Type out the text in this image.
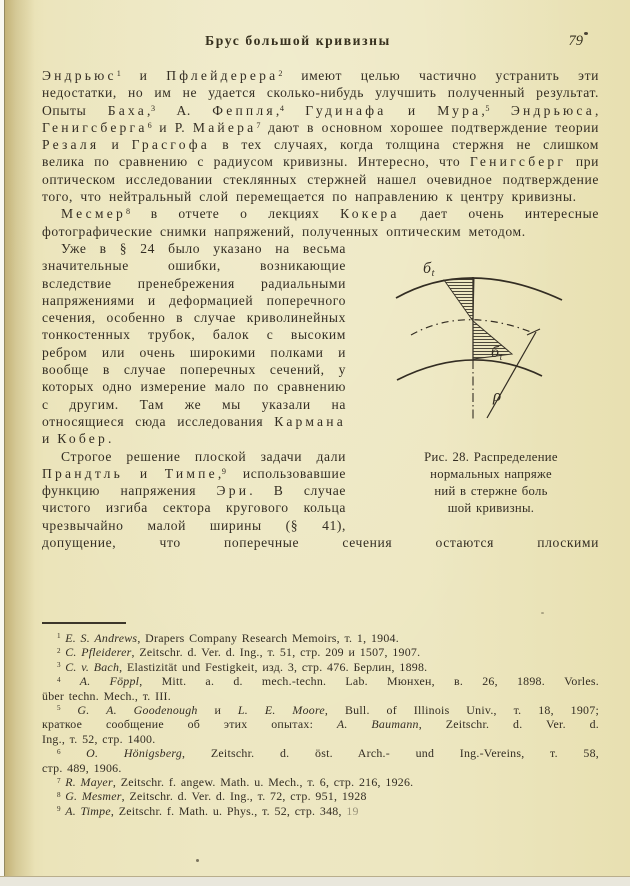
Брус большой кривизны	79

Эндрьюс$^1$ и Пфлейдерера$^2$ имеют целью частично устранить эти недостатки, но им не удается сколько-нибудь улучшить полученный результат. Опыты Баха,$^3$ А. Феппля,$^4$ Гудинафа и Мура,$^5$ Эндрьюса, Генигсберга$^6$ и Р. Майера$^7$ дают в основном хорошее подтверждение теории Резаля и Грасгофа в тех случаях, когда толщина стержня не слишком велика по сравнению с радиусом кривизны. Интересно, что Генигсберг при оптическом исследовании стеклянных стержней нашел очевидное подтверждение того, что нейтральный слой перемещается по направлению к центру кривизны.

Месмер$^8$ в отчете о лекциях Кокера дает очень интересные фотографические снимки напряжений, полученных оптическим методом.

бt
бt
ρ
Рис. 28. Распределение
нормальных напряже
ний в стержне боль
шой кривизны.

Уже в § 24 было указано на весьма значительные ошибки, возникающие вследствие пренебрежения радиальными напряжениями и деформацией поперечного сечения, особенно в случае криволинейных тонкостенных трубок, балок с высоким ребром или очень широкими полками и вообще в случае поперечных сечений, у которых одно измерение мало по сравнению с другим. Там же мы указали на относящиеся сюда исследования Кармана и Кобер.

Строгое решение плоской задачи дали Прандтль и Тимпе,$^9$ использовавшие функцию напряжения Эри. В случае чистого изгиба сектора кругового кольца чрезвычайно малой ширины (§ 41), допущение, что поперечные сечения остаются плоскими

$^1$ E. S. Andrews, Drapers Company Research Memoirs, т. 1, 1904.
$^2$ C. Pfleiderer, Zeitschr. d. Ver. d. Ing., т. 51, стр. 209 и 1507, 1907.
$^3$ C. v. Bach, Elastizität und Festigkeit, изд. 3, стр. 476. Берлин, 1898.
$^4$ A. Föppl, Mitt. a. d. mech.-techn. Lab. Мюнхен, в. 26, 1898. Vorles.
über techn. Mech., т. III.
$^5$ G. A. Goodenough и L. E. Moore, Bull. of Illinois Univ., т. 18, 1907;
краткое сообщение об этих опытах: A. Baumann, Zeitschr. d. Ver. d.
Ing., т. 52, стр. 1400.
$^6$ O. Hönigsberg, Zeitschr. d. öst. Arch.- und Ing.-Vereins, т. 58,
стр. 489, 1906.
$^7$ R. Mayer, Zeitschr. f. angew. Math. u. Mech., т. 6, стр. 216, 1926.
$^8$ G. Mesmer, Zeitschr. d. Ver. d. Ing., т. 72, стр. 951, 1928
$^9$ A. Timpe, Zeitschr. f. Math. u. Phys., т. 52, стр. 348, 19
